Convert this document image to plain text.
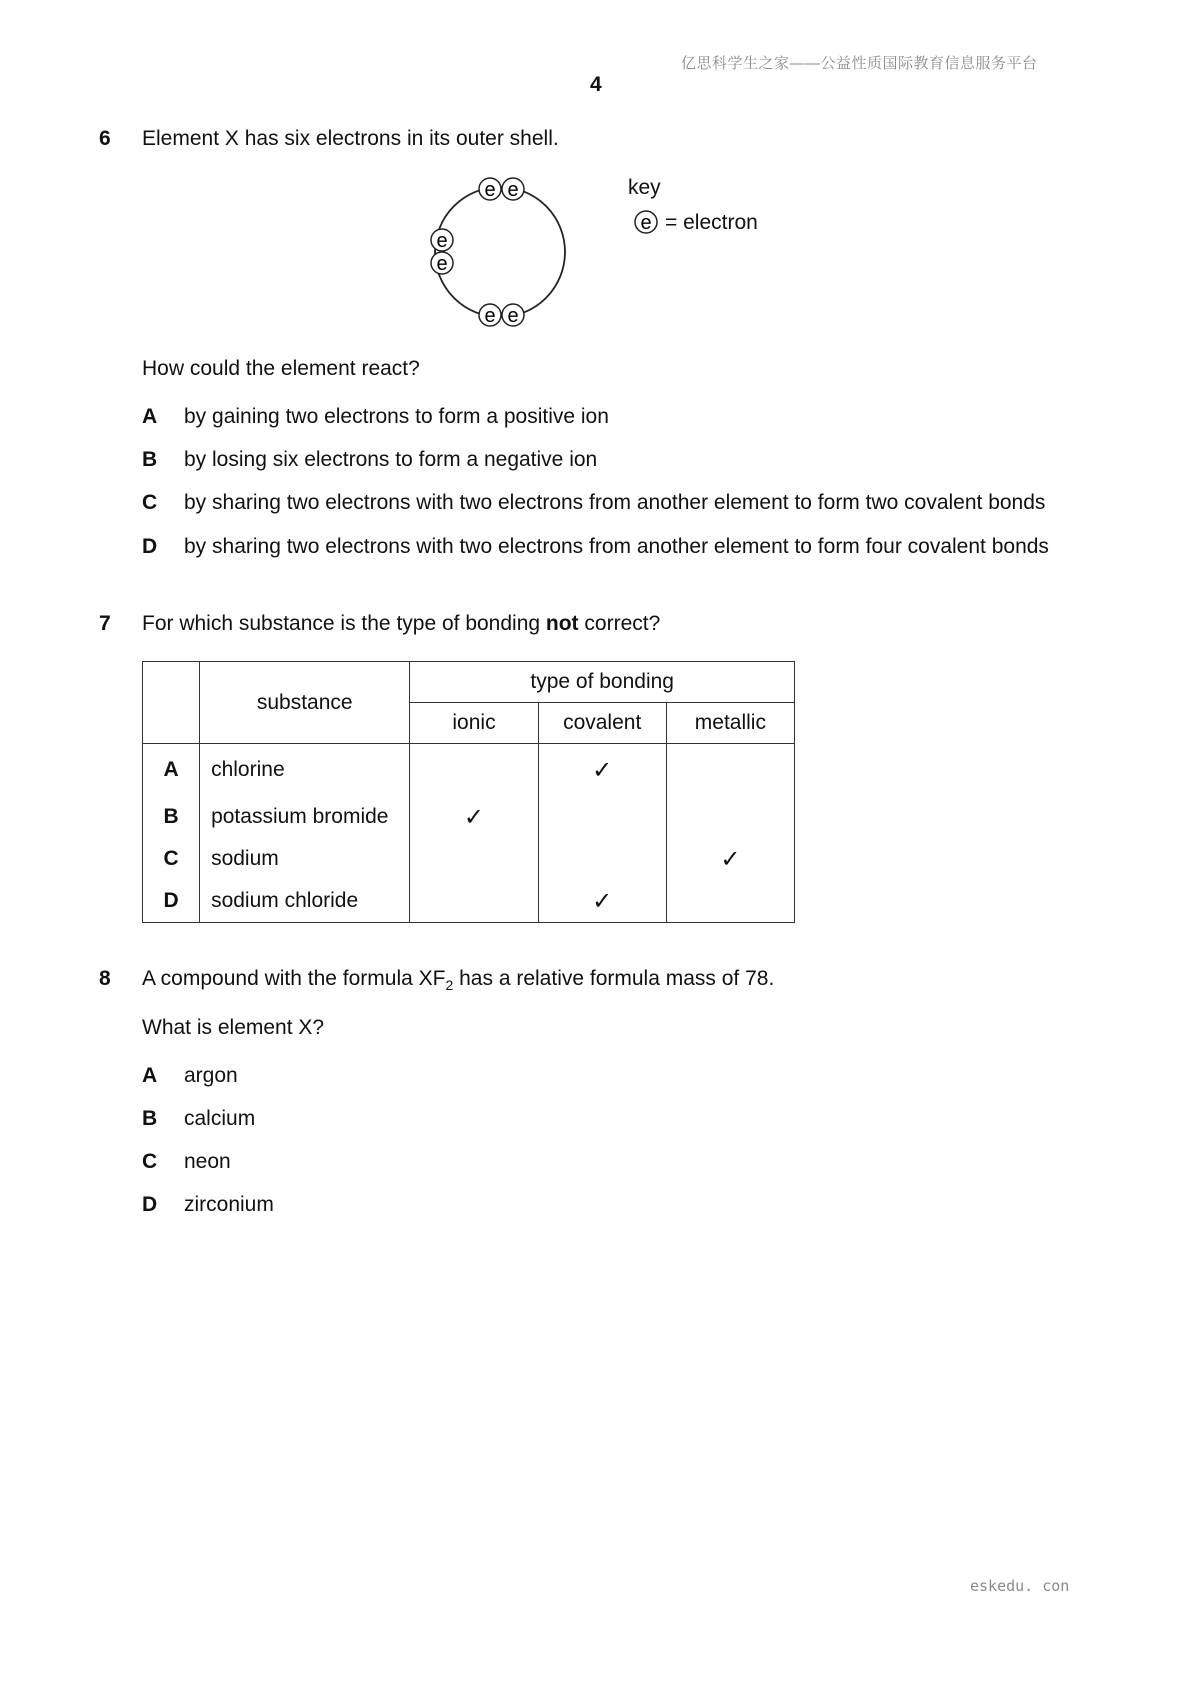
亿思科学生之家——公益性质国际教育信息服务平台
4
6 Element X has six electrons in its outer shell.
e e
e
e
e e
key
e = electron
How could the element react?
A by gaining two electrons to form a positive ion
B by losing six electrons to form a negative ion
C by sharing two electrons with two electrons from another element to form two covalent bonds
D by sharing two electrons with two electrons from another element to form four covalent bonds
7 For which substance is the type of bonding not correct?
	substance	type of bonding		
		ionic	covalent	metallic
A	chlorine		✓	
B	potassium bromide	✓		
C	sodium			✓
D	sodium chloride		✓	
8 A compound with the formula $XF_2$ has a relative formula mass of 78.
What is element X?
A argon
B calcium
C neon
D zirconium
eskedu. con
